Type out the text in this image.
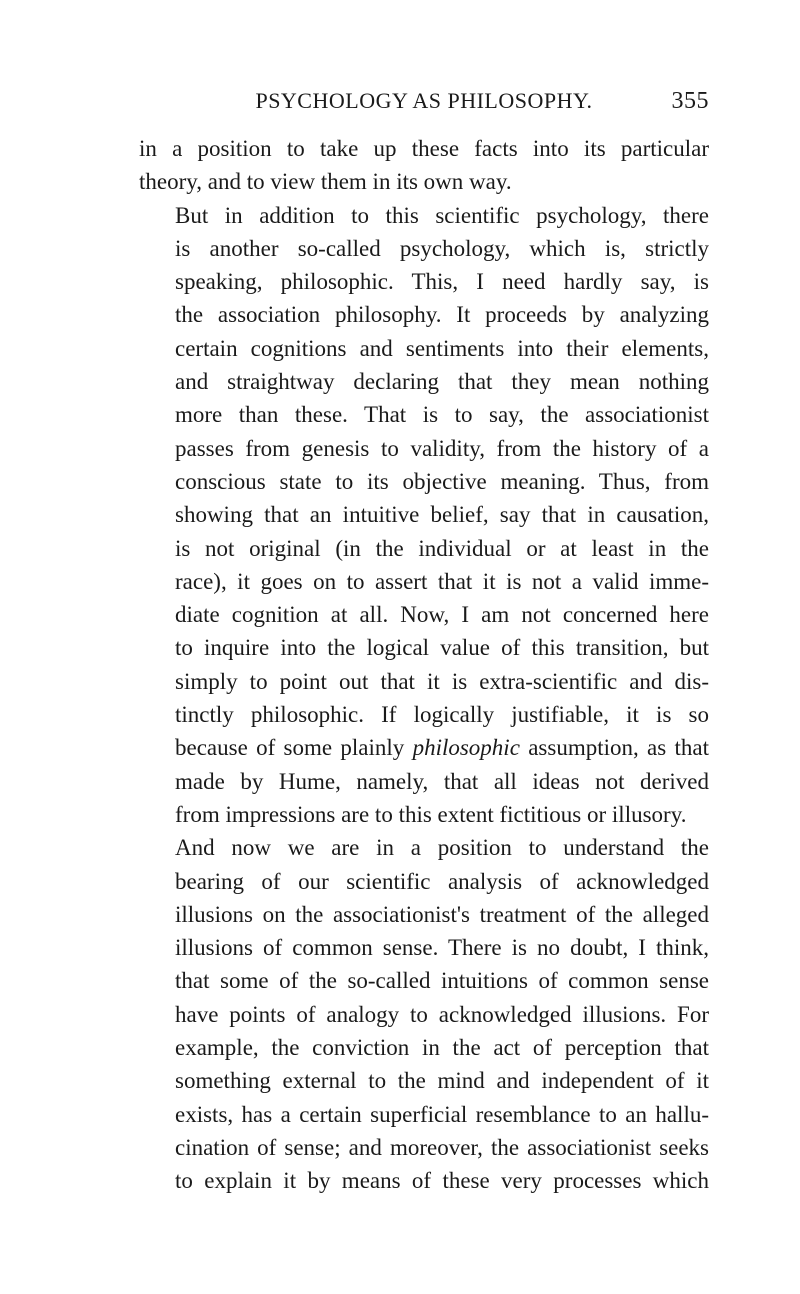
PSYCHOLOGY AS PHILOSOPHY.	355

in a position to take up these facts into its particular
theory, and to view them in its own way.

But in addition to this scientific psychology, there
is another so-called psychology, which is, strictly
speaking, philosophic. This, I need hardly say, is
the association philosophy. It proceeds by analyzing
certain cognitions and sentiments into their elements,
and straightway declaring that they mean nothing
more than these. That is to say, the associationist
passes from genesis to validity, from the history of a
conscious state to its objective meaning. Thus, from
showing that an intuitive belief, say that in causation,
is not original (in the individual or at least in the
race), it goes on to assert that it is not a valid imme-
diate cognition at all. Now, I am not concerned here
to inquire into the logical value of this transition, but
simply to point out that it is extra-scientific and dis-
tinctly philosophic. If logically justifiable, it is so
because of some plainly philosophic assumption, as that
made by Hume, namely, that all ideas not derived
from impressions are to this extent fictitious or illusory.

And now we are in a position to understand the
bearing of our scientific analysis of acknowledged
illusions on the associationist's treatment of the alleged
illusions of common sense. There is no doubt, I think,
that some of the so-called intuitions of common sense
have points of analogy to acknowledged illusions. For
example, the conviction in the act of perception that
something external to the mind and independent of it
exists, has a certain superficial resemblance to an hallu-
cination of sense; and moreover, the associationist seeks
to explain it by means of these very processes which
